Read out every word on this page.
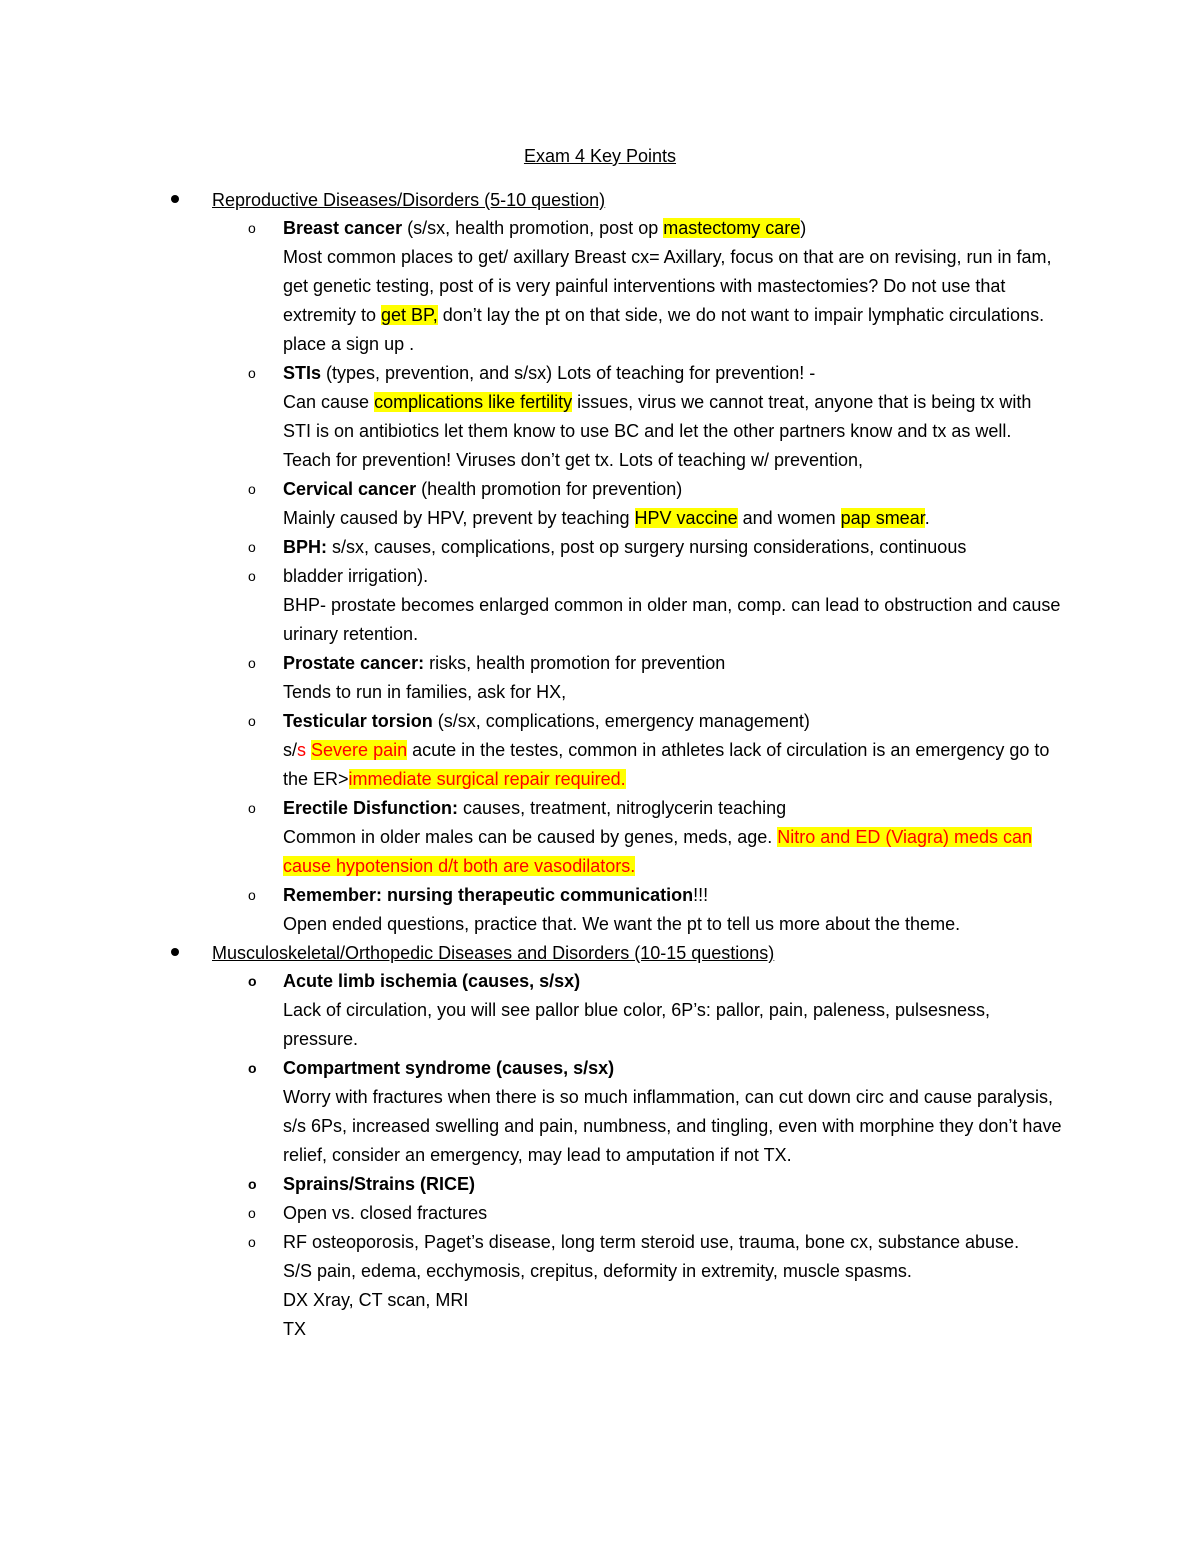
Exam 4 Key Points
Reproductive Diseases/Disorders (5-10 question)
o Breast cancer (s/sx, health promotion, post op mastectomy care)
Most common places to get/ axillary Breast cx= Axillary, focus on that are on revising, run in fam, get genetic testing, post of is very painful interventions with mastectomies? Do not use that extremity to get BP, don’t lay the pt on that side, we do not want to impair lymphatic circulations. place a sign up .
o STIs (types, prevention, and s/sx) Lots of teaching for prevention! -
Can cause complications like fertility issues, virus we cannot treat, anyone that is being tx with STI is on antibiotics let them know to use BC and let the other partners know and tx as well. Teach for prevention! Viruses don’t get tx. Lots of teaching w/ prevention,
o Cervical cancer (health promotion for prevention)
Mainly caused by HPV, prevent by teaching HPV vaccine and women pap smear.
o BPH: s/sx, causes, complications, post op surgery nursing considerations, continuous
o bladder irrigation).
BHP- prostate becomes enlarged common in older man, comp. can lead to obstruction and cause urinary retention.
o Prostate cancer: risks, health promotion for prevention
Tends to run in families, ask for HX,
o Testicular torsion (s/sx, complications, emergency management)
s/s Severe pain acute in the testes, common in athletes lack of circulation is an emergency go to the ER>immediate surgical repair required.
o Erectile Disfunction: causes, treatment, nitroglycerin teaching
Common in older males can be caused by genes, meds, age. Nitro and ED (Viagra) meds can cause hypotension d/t both are vasodilators.
o Remember: nursing therapeutic communication!!!
Open ended questions, practice that. We want the pt to tell us more about the theme.
Musculoskeletal/Orthopedic Diseases and Disorders (10-15 questions)
o Acute limb ischemia (causes, s/sx)
Lack of circulation, you will see pallor blue color, 6P’s: pallor, pain, paleness, pulsesness, pressure.
o Compartment syndrome (causes, s/sx)
Worry with fractures when there is so much inflammation, can cut down circ and cause paralysis, s/s 6Ps, increased swelling and pain, numbness, and tingling, even with morphine they don’t have relief, consider an emergency, may lead to amputation if not TX.
o Sprains/Strains (RICE)
o Open vs. closed fractures
o RF osteoporosis, Paget’s disease, long term steroid use, trauma, bone cx, substance abuse.
S/S pain, edema, ecchymosis, crepitus, deformity in extremity, muscle spasms.
DX Xray, CT scan, MRI
TX
